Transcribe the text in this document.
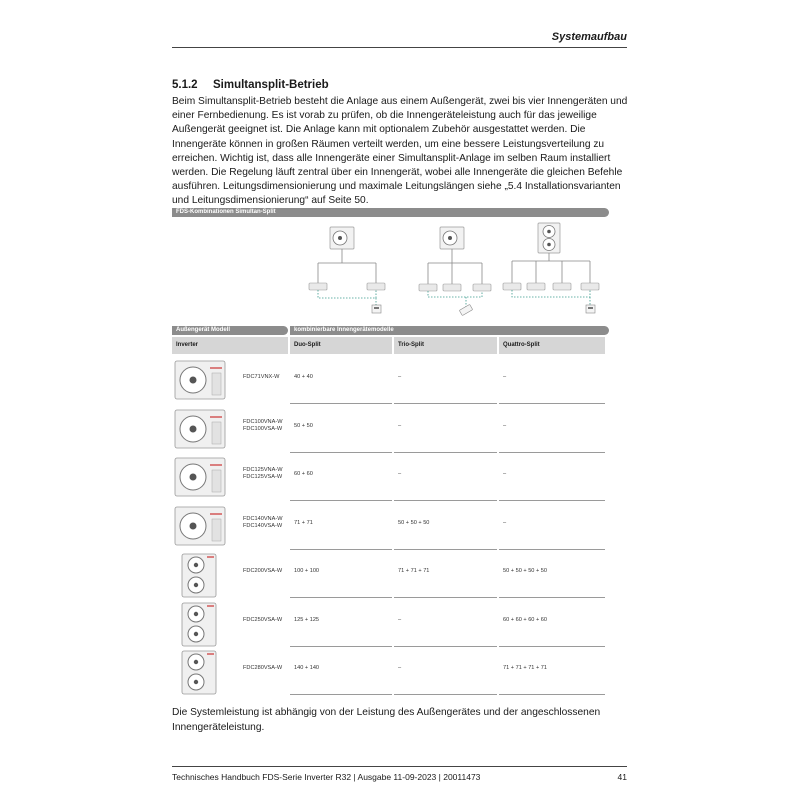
Systemaufbau
5.1.2 Simultansplit-Betrieb

Beim Simultansplit-Betrieb besteht die Anlage aus einem Außengerät, zwei bis vier Innengeräten und einer Fernbedienung. Es ist vorab zu prüfen, ob die Innengeräteleistung auch für das jeweilige Außengerät geeignet ist. Die Anlage kann mit optionalem Zubehör ausgestattet werden. Die Innengeräte können in großen Räumen verteilt werden, um eine bessere Leistungsverteilung zu erreichen. Wichtig ist, dass alle Innengeräte einer Simultansplit-Anlage im selben Raum installiert werden. Die Regelung läuft zentral über ein Innengerät, wobei alle Innengeräte die gleichen Befehle ausführen. Leitungsdimensionierung und maximale Leitungslängen siehe „5.4 Installationsvarianten und Leitungsdimensionierung“ auf Seite 50.

FDS-Kombinationen Simultan-Split
Außengerät Modell	kombinierbare Innengerätemodelle
Inverter	Duo-Split	Trio-Split	Quattro-Split
FDC71VNX-W	40 + 40	–	–
FDC100VNA-W
FDC100VSA-W 50 + 50	–	–
FDC125VNA-W
FDC125VSA-W 60 + 60	–	–
FDC140VNA-W
FDC140VSA-W 71 + 71	50 + 50 + 50	–
FDC200VSA-W 100 + 100	71 + 71 + 71	50 + 50 + 50 + 50
FDC250VSA-W 125 + 125	–	60 + 60 + 60 + 60
FDC280VSA-W 140 + 140	–	71 + 71 + 71 + 71

Die Systemleistung ist abhängig von der Leistung des Außengerätes und der angeschlossenen Innengeräteleistung.

Technisches Handbuch FDS-Serie Inverter R32 | Ausgabe 11-09-2023 | 20011473	41
